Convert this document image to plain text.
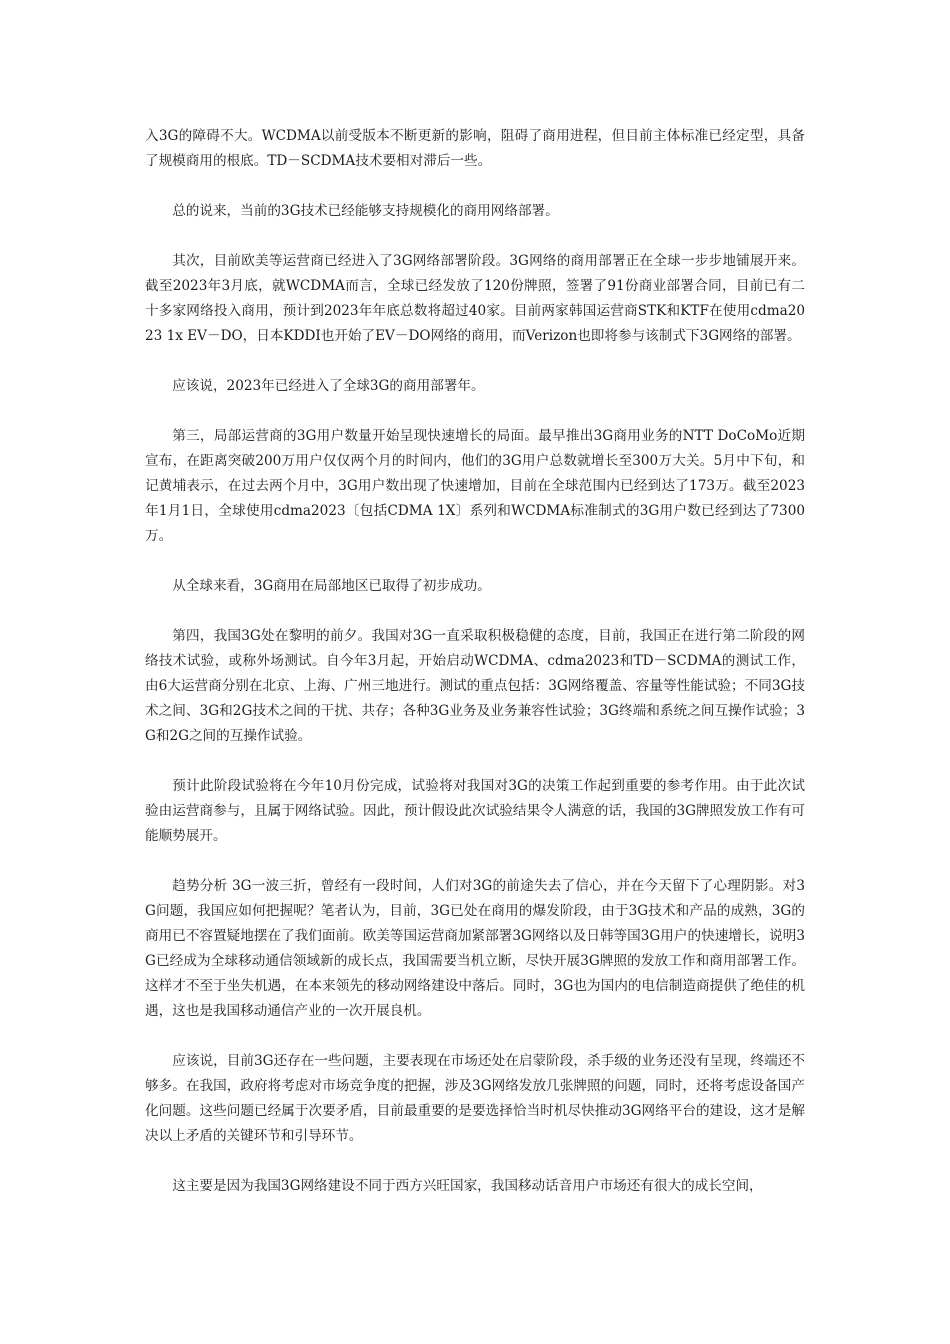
入3G的障碍不大。WCDMA以前受版本不断更新的影响，阻碍了商用进程，但目前主体标准已经定型，具备了规模商用的根底。TD－SCDMA技术要相对滞后一些。

总的说来，当前的3G技术已经能够支持规模化的商用网络部署。

其次，目前欧美等运营商已经进入了3G网络部署阶段。3G网络的商用部署正在全球一步步地铺展开来。截至2023年3月底，就WCDMA而言，全球已经发放了120份牌照，签署了91份商业部署合同，目前已有二十多家网络投入商用，预计到2023年年底总数将超过40家。目前两家韩国运营商STK和KTF在使用cdma2023 1x EV－DO，日本KDDI也开始了EV－DO网络的商用，而Verizon也即将参与该制式下3G网络的部署。

应该说，2023年已经进入了全球3G的商用部署年。

第三，局部运营商的3G用户数量开始呈现快速增长的局面。最早推出3G商用业务的NTT DoCoMo近期宣布，在距离突破200万用户仅仅两个月的时间内，他们的3G用户总数就增长至300万大关。5月中下旬，和记黄埔表示，在过去两个月中，3G用户数出现了快速增加，目前在全球范围内已经到达了173万。截至2023年1月1日，全球使用cdma2023〔包括CDMA 1X〕系列和WCDMA标准制式的3G用户数已经到达了7300万。

从全球来看，3G商用在局部地区已取得了初步成功。

第四，我国3G处在黎明的前夕。我国对3G一直采取积极稳健的态度，目前，我国正在进行第二阶段的网络技术试验，或称外场测试。自今年3月起，开始启动WCDMA、cdma2023和TD－SCDMA的测试工作，由6大运营商分别在北京、上海、广州三地进行。测试的重点包括：3G网络覆盖、容量等性能试验；不同3G技术之间、3G和2G技术之间的干扰、共存；各种3G业务及业务兼容性试验；3G终端和系统之间互操作试验；3G和2G之间的互操作试验。

预计此阶段试验将在今年10月份完成，试验将对我国对3G的决策工作起到重要的参考作用。由于此次试验由运营商参与，且属于网络试验。因此，预计假设此次试验结果令人满意的话，我国的3G牌照发放工作有可能顺势展开。

趋势分析 3G一波三折，曾经有一段时间，人们对3G的前途失去了信心，并在今天留下了心理阴影。对3G问题，我国应如何把握呢？笔者认为，目前，3G已处在商用的爆发阶段，由于3G技术和产品的成熟，3G的商用已不容置疑地摆在了我们面前。欧美等国运营商加紧部署3G网络以及日韩等国3G用户的快速增长，说明3G已经成为全球移动通信领域新的成长点，我国需要当机立断，尽快开展3G牌照的发放工作和商用部署工作。这样才不至于坐失机遇，在本来领先的移动网络建设中落后。同时，3G也为国内的电信制造商提供了绝佳的机遇，这也是我国移动通信产业的一次开展良机。

应该说，目前3G还存在一些问题，主要表现在市场还处在启蒙阶段，杀手级的业务还没有呈现，终端还不够多。在我国，政府将考虑对市场竞争度的把握，涉及3G网络发放几张牌照的问题，同时，还将考虑设备国产化问题。这些问题已经属于次要矛盾，目前最重要的是要选择恰当时机尽快推动3G网络平台的建设，这才是解决以上矛盾的关键环节和引导环节。

这主要是因为我国3G网络建设不同于西方兴旺国家，我国移动话音用户市场还有很大的成长空间，
